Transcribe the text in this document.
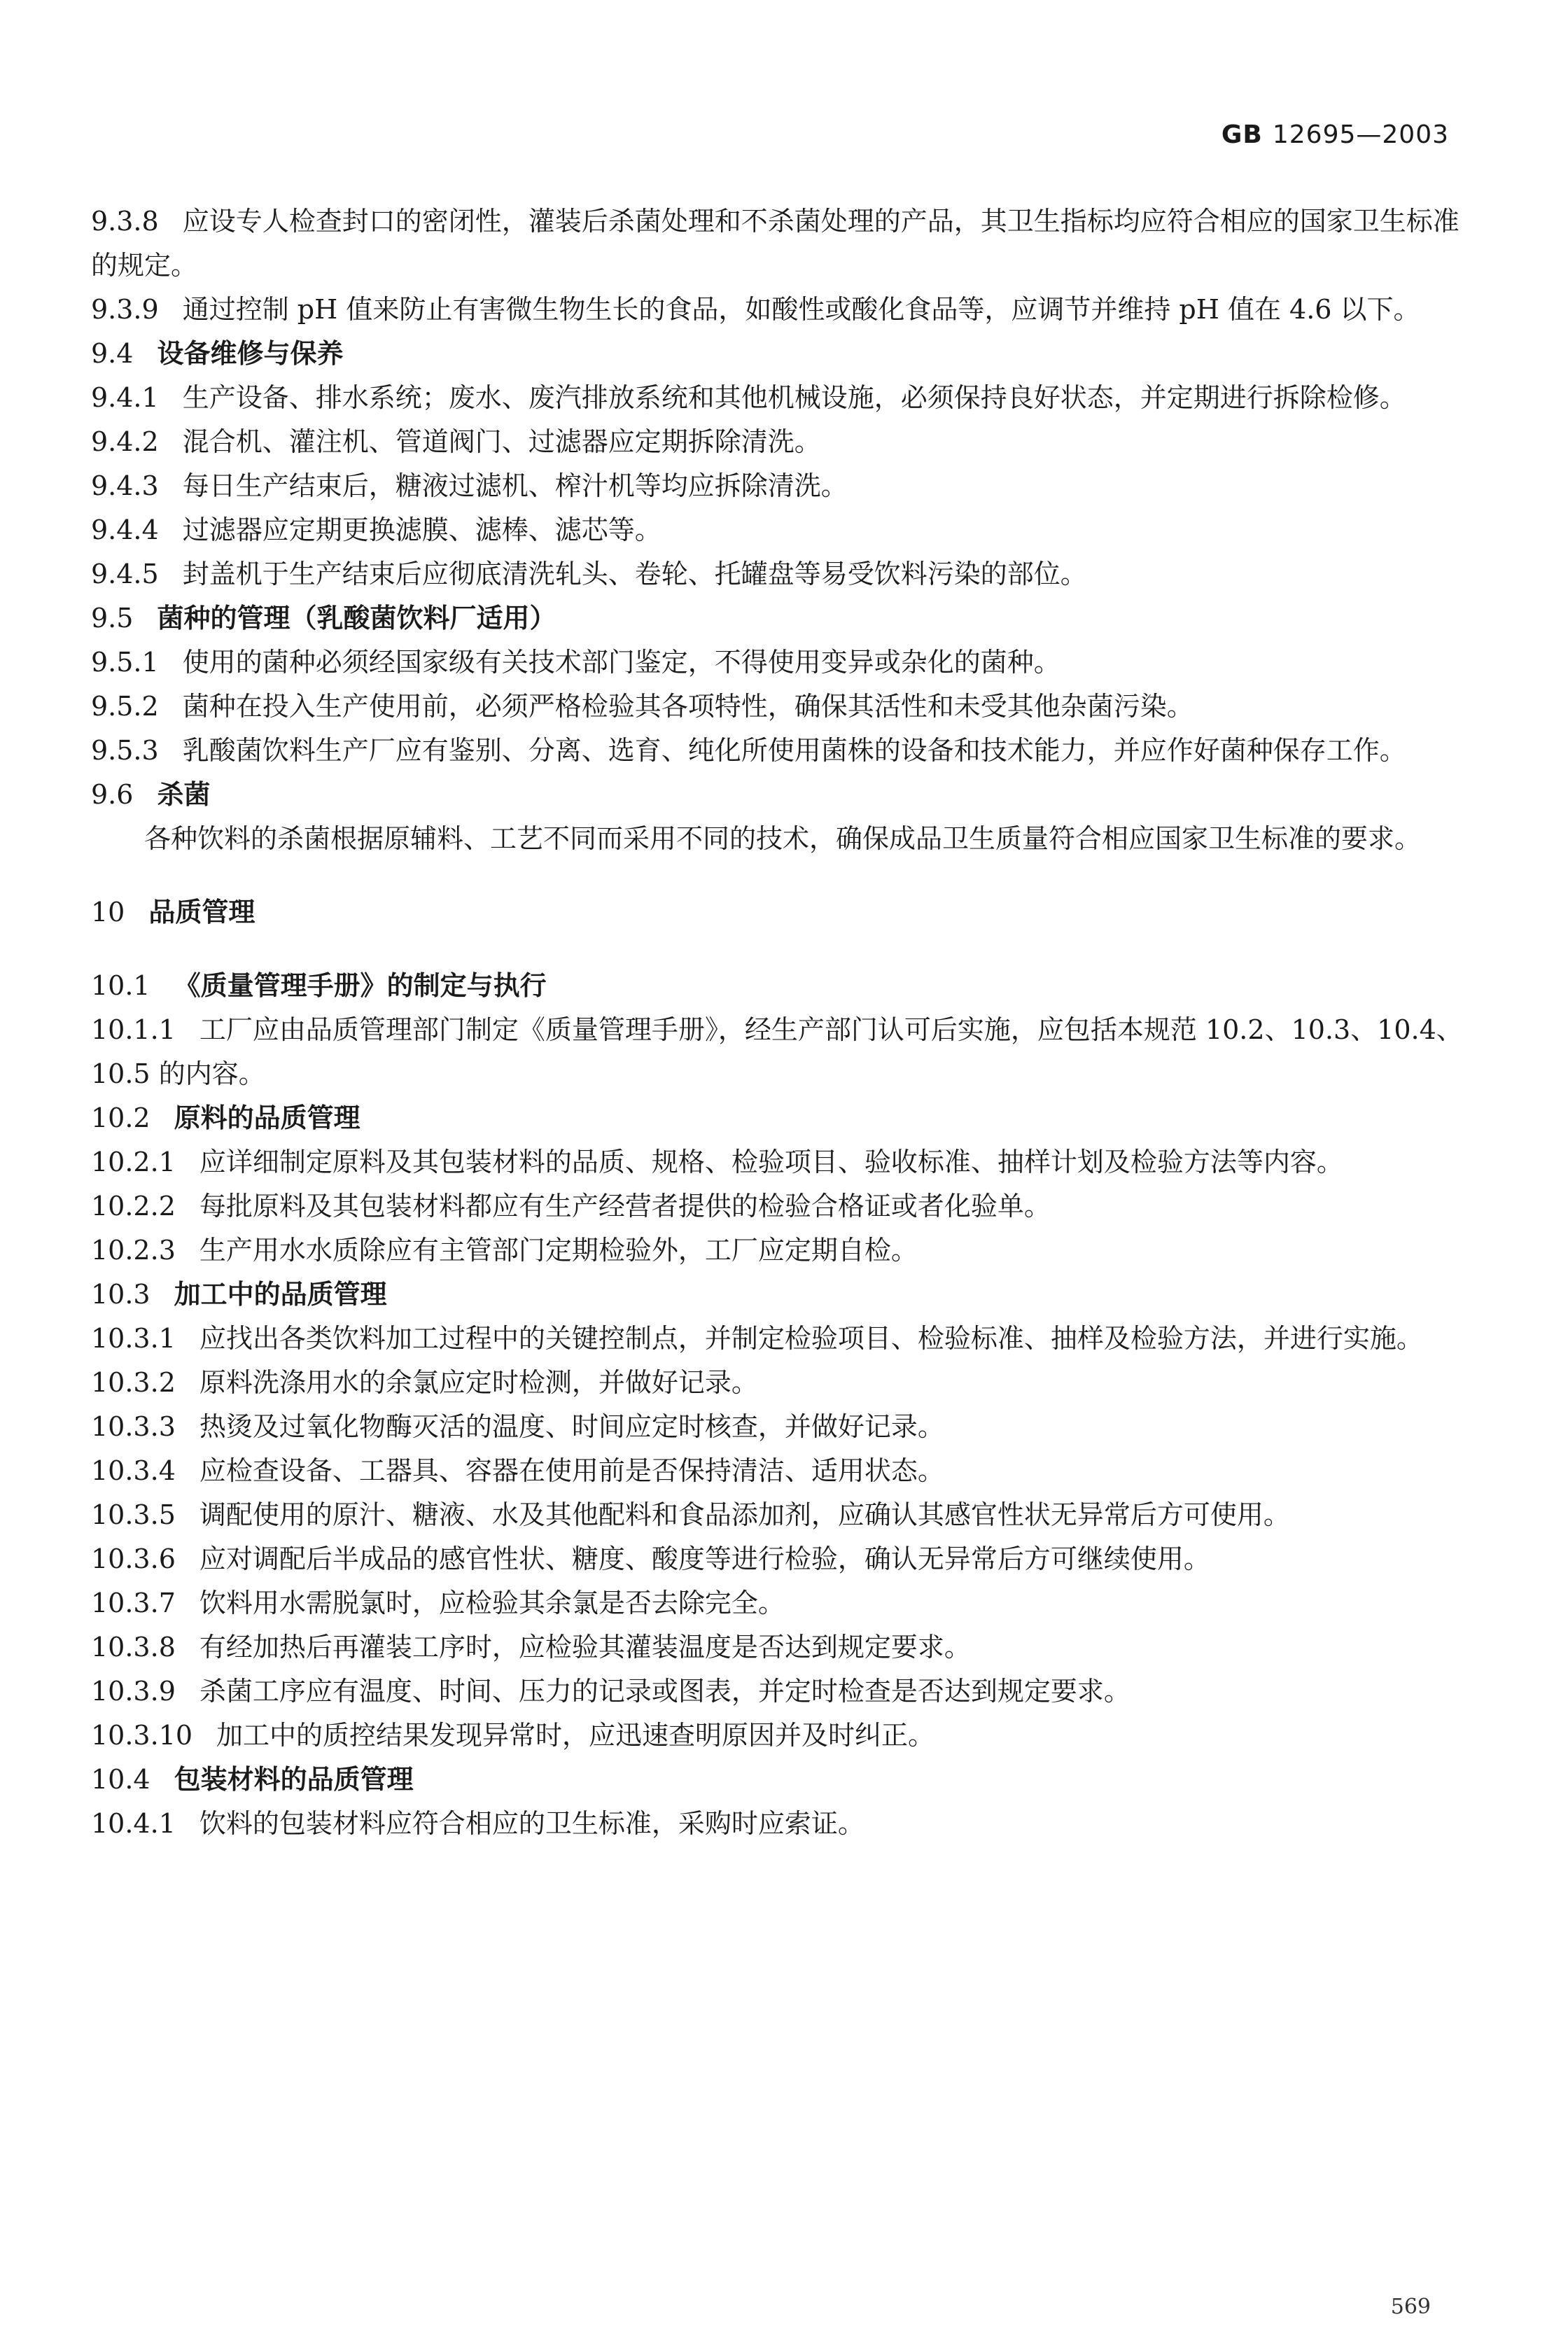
GB 12695—2003

9.3.8 应设专人检查封口的密闭性，灌装后杀菌处理和不杀菌处理的产品，其卫生指标均应符合相应的国家卫生标准的规定。

9.3.9 通过控制 pH 值来防止有害微生物生长的食品，如酸性或酸化食品等，应调节并维持 pH 值在 4.6 以下。

9.4 设备维修与保养

9.4.1 生产设备、排水系统；废水、废汽排放系统和其他机械设施，必须保持良好状态，并定期进行拆除检修。

9.4.2 混合机、灌注机、管道阀门、过滤器应定期拆除清洗。

9.4.3 每日生产结束后，糖液过滤机、榨汁机等均应拆除清洗。

9.4.4 过滤器应定期更换滤膜、滤棒、滤芯等。

9.4.5 封盖机于生产结束后应彻底清洗轧头、卷轮、托罐盘等易受饮料污染的部位。

9.5 菌种的管理（乳酸菌饮料厂适用）

9.5.1 使用的菌种必须经国家级有关技术部门鉴定，不得使用变异或杂化的菌种。

9.5.2 菌种在投入生产使用前，必须严格检验其各项特性，确保其活性和未受其他杂菌污染。

9.5.3 乳酸菌饮料生产厂应有鉴别、分离、选育、纯化所使用菌株的设备和技术能力，并应作好菌种保存工作。

9.6 杀菌

各种饮料的杀菌根据原辅料、工艺不同而采用不同的技术，确保成品卫生质量符合相应国家卫生标准的要求。

10 品质管理

10.1 《质量管理手册》的制定与执行

10.1.1 工厂应由品质管理部门制定《质量管理手册》，经生产部门认可后实施，应包括本规范 10.2、10.3、10.4、10.5 的内容。

10.2 原料的品质管理

10.2.1 应详细制定原料及其包装材料的品质、规格、检验项目、验收标准、抽样计划及检验方法等内容。

10.2.2 每批原料及其包装材料都应有生产经营者提供的检验合格证或者化验单。

10.2.3 生产用水水质除应有主管部门定期检验外，工厂应定期自检。

10.3 加工中的品质管理

10.3.1 应找出各类饮料加工过程中的关键控制点，并制定检验项目、检验标准、抽样及检验方法，并进行实施。

10.3.2 原料洗涤用水的余氯应定时检测，并做好记录。

10.3.3 热烫及过氧化物酶灭活的温度、时间应定时核查，并做好记录。

10.3.4 应检查设备、工器具、容器在使用前是否保持清洁、适用状态。

10.3.5 调配使用的原汁、糖液、水及其他配料和食品添加剂，应确认其感官性状无异常后方可使用。

10.3.6 应对调配后半成品的感官性状、糖度、酸度等进行检验，确认无异常后方可继续使用。

10.3.7 饮料用水需脱氯时，应检验其余氯是否去除完全。

10.3.8 有经加热后再灌装工序时，应检验其灌装温度是否达到规定要求。

10.3.9 杀菌工序应有温度、时间、压力的记录或图表，并定时检查是否达到规定要求。

10.3.10 加工中的质控结果发现异常时，应迅速查明原因并及时纠正。

10.4 包装材料的品质管理

10.4.1 饮料的包装材料应符合相应的卫生标准，采购时应索证。

569
